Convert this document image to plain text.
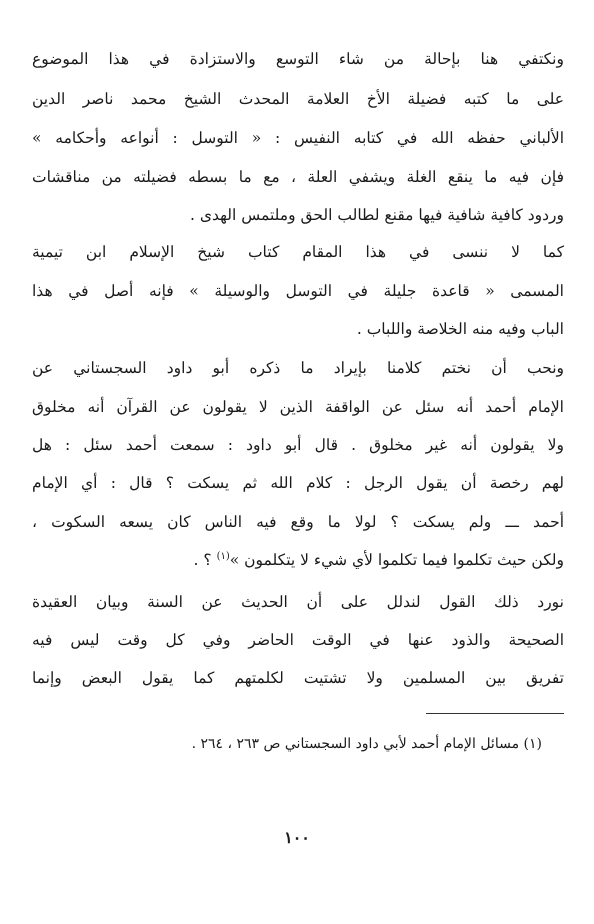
ونكتفي هنا بإحالة من شاء التوسع والاستزادة في هذا الموضوع
على ما كتبه فضيلة الأخ العلامة المحدث الشيخ محمد ناصر الدين
الألباني حفظه الله في كتابه النفيس : « التوسل : أنواعه وأحكامه »
فإن فيه ما ينقع الغلة ويشفي العلة ، مع ما بسطه فضيلته من مناقشات
وردود كافية شافية فيها مقنع لطالب الحق وملتمس الهدى .
كما لا ننسى في هذا المقام كتاب شيخ الإسلام ابن تيمية
المسمى « قاعدة جليلة في التوسل والوسيلة » فإنه أصل في هذا
الباب وفيه منه الخلاصة واللباب .
ونحب أن نختم كلامنا بإيراد ما ذكره أبو داود السجستاني عن
الإمام أحمد أنه سئل عن الواقفة الذين لا يقولون عن القرآن أنه مخلوق
ولا يقولون أنه غير مخلوق . قال أبو داود : سمعت أحمد سئل : هل
لهم رخصة أن يقول الرجل : كلام الله ثم يسكت ؟ قال : أي الإمام
أحمد ـــ ولم يسكت ؟ لولا ما وقع فيه الناس كان يسعه السكوت ،
ولكن حيث تكلموا فيما تكلموا لأي شيء لا يتكلمون »$^{(١)}$ ؟ .
نورد ذلك القول لندلل على أن الحديث عن السنة وبيان العقيدة
الصحيحة والذود عنها في الوقت الحاضر وفي كل وقت ليس فيه
تفريق بين المسلمين ولا تشتيت لكلمتهم كما يقول البعض وإنما
(١) مسائل الإمام أحمد لأبي داود السجستاني ص ٢٦٣ ، ٢٦٤ .
١٠٠
